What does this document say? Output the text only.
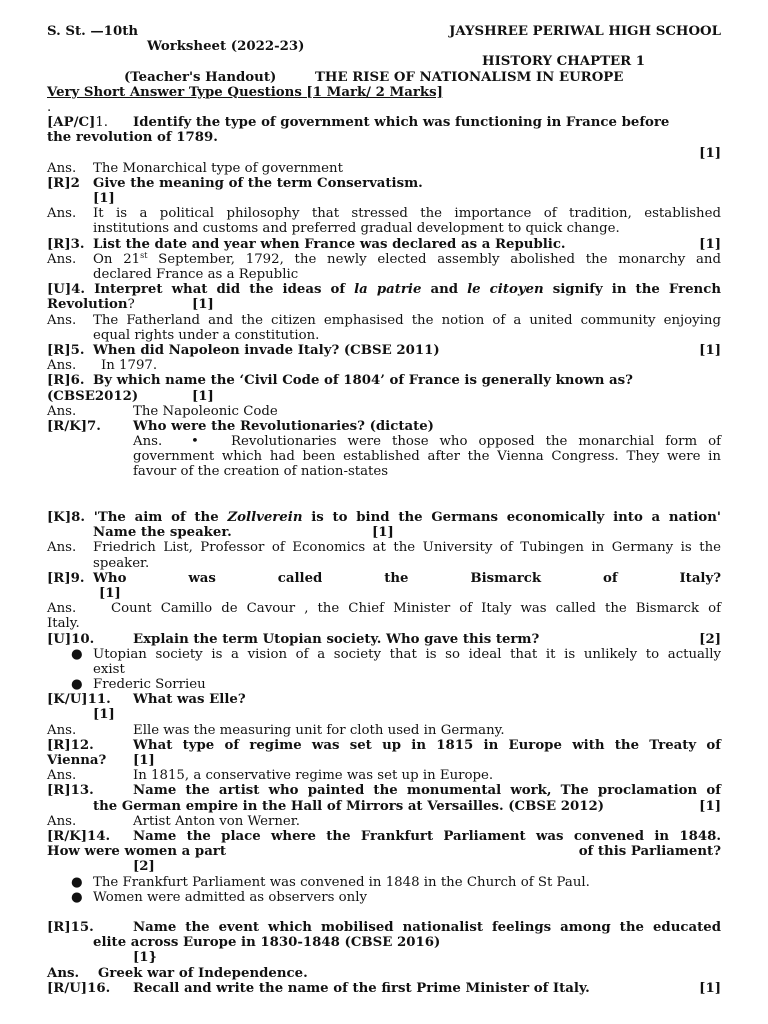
S. St. —10th	JAYSHREE PERIWAL HIGH SCHOOL
Worksheet (2022-23)
HISTORY CHAPTER 1
(Teacher's Handout)	THE RISE OF NATIONALISM IN EUROPE
Very Short Answer Type Questions [1 Mark/ 2 Marks]
.
[AP/C]1. Identify the type of government which was functioning in France before
the revolution of 1789.
[1]
Ans. The Monarchical type of government
[R]2 Give the meaning of the term Conservatism.
[1]
Ans. It is a political philosophy that stressed the importance of tradition, established
institutions and customs and preferred gradual development to quick change.
[R]3. List the date and year when France was declared as a Republic.	[1]
Ans. On 21st September, 1792, the newly elected assembly abolished the monarchy and
declared France as a Republic
[U]4. Interpret what did the ideas of la patrie and le citoyen signify in the French
Revolution?	[1]
Ans. The Fatherland and the citizen emphasised the notion of a united community enjoying
equal rights under a constitution.
[R]5. When did Napoleon invade Italy? (CBSE 2011)	[1]
Ans. In 1797.
[R]6. By which name the ‘Civil Code of 1804’ of France is generally known as?
(CBSE2012)	[1]
Ans.	The Napoleonic Code
[R/K]7. Who were the Revolutionaries? (dictate)
Ans. • Revolutionaries were those who opposed the monarchial form of
government which had been established after the Vienna Congress. They were in
favour of the creation of nation-states
[K]8. 'The aim of the Zollverein is to bind the Germans economically into a nation'
Name the speaker.	[1]
Ans. Friedrich List, Professor of Economics at the University of Tubingen in Germany is the
speaker.
[R]9. Who was called the Bismarck of Italy?
[1]
Ans.	Count Camillo de Cavour , the Chief Minister of Italy was called the Bismarck of
Italy.
[U]10.	Explain the term Utopian society. Who gave this term?	[2]
● Utopian society is a vision of a society that is so ideal that it is unlikely to actually
exist
● Frederic Sorrieu
[K/U]11. What was Elle?
[1]
Ans.	Elle was the measuring unit for cloth used in Germany.
[R]12.	What type of regime was set up in 1815 in Europe with the Treaty of
Vienna? [1]
Ans.	In 1815, a conservative regime was set up in Europe.
[R]13.	Name the artist who painted the monumental work, The proclamation of
the German empire in the Hall of Mirrors at Versailles. (CBSE 2012)	[1]
Ans.	Artist Anton von Werner.
[R/K]14. Name the place where the Frankfurt Parliament was convened in 1848.
How were women a part	of this Parliament?
[2]
● The Frankfurt Parliament was convened in 1848 in the Church of St Paul.
● Women were admitted as observers only
[R]15.	Name the event which mobilised nationalist feelings among the educated
elite across Europe in 1830-1848 (CBSE 2016)
[1}
Ans. Greek war of Independence.
[R/U]16. Recall and write the name of the first Prime Minister of Italy.	[1]
